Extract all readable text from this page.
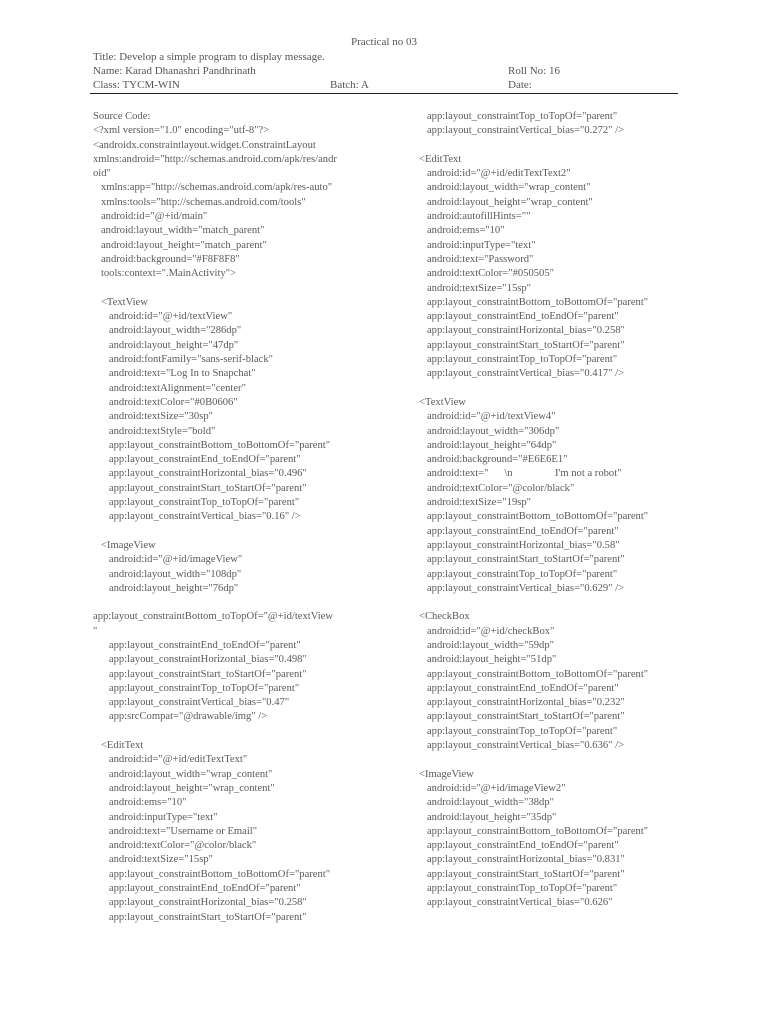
Practical no 03
Title: Develop a simple program to display message.
Name: Karad Dhanashri Pandhrinath	Roll No: 16
Class: TYCM-WIN	Batch: A	Date:
Source Code:
<?xml version="1.0" encoding="utf-8"?>
<androidx.constraintlayout.widget.ConstraintLayout
xmlns:android="http://schemas.android.com/apk/res/andr
oid"
xmlns:app="http://schemas.android.com/apk/res-auto"
xmlns:tools="http://schemas.android.com/tools"
android:id="@+id/main"
android:layout_width="match_parent"
android:layout_height="match_parent"
android:background="#F8F8F8"
tools:context=".MainActivity">
<TextView
android:id="@+id/textView"
android:layout_width="286dp"
android:layout_height="47dp"
android:fontFamily="sans-serif-black"
android:text="Log In to Snapchat"
android:textAlignment="center"
android:textColor="#0B0606"
android:textSize="30sp"
android:textStyle="bold"
app:layout_constraintBottom_toBottomOf="parent"
app:layout_constraintEnd_toEndOf="parent"
app:layout_constraintHorizontal_bias="0.496"
app:layout_constraintStart_toStartOf="parent"
app:layout_constraintTop_toTopOf="parent"
app:layout_constraintVertical_bias="0.16" />
<ImageView
android:id="@+id/imageView"
android:layout_width="108dp"
android:layout_height="76dp"
app:layout_constraintBottom_toTopOf="@+id/textView
"
app:layout_constraintEnd_toEndOf="parent"
app:layout_constraintHorizontal_bias="0.498"
app:layout_constraintStart_toStartOf="parent"
app:layout_constraintTop_toTopOf="parent"
app:layout_constraintVertical_bias="0.47"
app:srcCompat="@drawable/img" />
<EditText
android:id="@+id/editTextText"
android:layout_width="wrap_content"
android:layout_height="wrap_content"
android:ems="10"
android:inputType="text"
android:text="Username or Email"
android:textColor="@color/black"
android:textSize="15sp"
app:layout_constraintBottom_toBottomOf="parent"
app:layout_constraintEnd_toEndOf="parent"
app:layout_constraintHorizontal_bias="0.258"
app:layout_constraintStart_toStartOf="parent"
app:layout_constraintTop_toTopOf="parent"
app:layout_constraintVertical_bias="0.272" />
<EditText
android:id="@+id/editTextText2"
android:layout_width="wrap_content"
android:layout_height="wrap_content"
android:autofillHints=""
android:ems="10"
android:inputType="text"
android:text="Password"
android:textColor="#050505"
android:textSize="15sp"
app:layout_constraintBottom_toBottomOf="parent"
app:layout_constraintEnd_toEndOf="parent"
app:layout_constraintHorizontal_bias="0.258"
app:layout_constraintStart_toStartOf="parent"
app:layout_constraintTop_toTopOf="parent"
app:layout_constraintVertical_bias="0.417" />
<TextView
android:id="@+id/textView4"
android:layout_width="306dp"
android:layout_height="64dp"
android:background="#E6E6E1"
android:text="      \n                I'm not a robot"
android:textColor="@color/black"
android:textSize="19sp"
app:layout_constraintBottom_toBottomOf="parent"
app:layout_constraintEnd_toEndOf="parent"
app:layout_constraintHorizontal_bias="0.58"
app:layout_constraintStart_toStartOf="parent"
app:layout_constraintTop_toTopOf="parent"
app:layout_constraintVertical_bias="0.629" />
<CheckBox
android:id="@+id/checkBox"
android:layout_width="59dp"
android:layout_height="51dp"
app:layout_constraintBottom_toBottomOf="parent"
app:layout_constraintEnd_toEndOf="parent"
app:layout_constraintHorizontal_bias="0.232"
app:layout_constraintStart_toStartOf="parent"
app:layout_constraintTop_toTopOf="parent"
app:layout_constraintVertical_bias="0.636" />
<ImageView
android:id="@+id/imageView2"
android:layout_width="38dp"
android:layout_height="35dp"
app:layout_constraintBottom_toBottomOf="parent"
app:layout_constraintEnd_toEndOf="parent"
app:layout_constraintHorizontal_bias="0.831"
app:layout_constraintStart_toStartOf="parent"
app:layout_constraintTop_toTopOf="parent"
app:layout_constraintVertical_bias="0.626"
